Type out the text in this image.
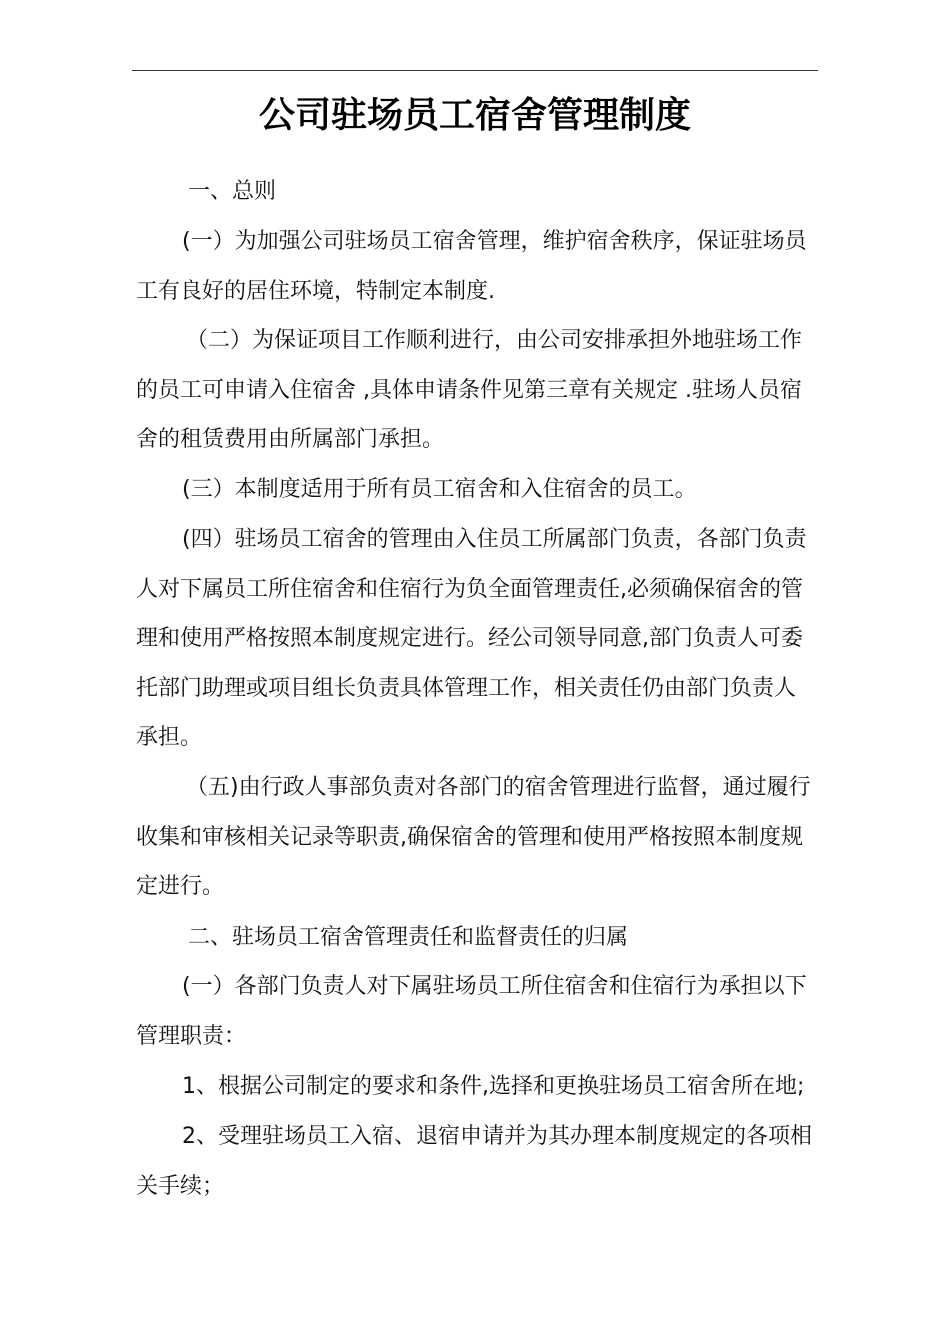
公司驻场员工宿舍管理制度
一、总则
(一）为加强公司驻场员工宿舍管理，维护宿舍秩序，保证驻场员
工有良好的居住环境，特制定本制度.
（二）为保证项目工作顺利进行，由公司安排承担外地驻场工作
的员工可申请入住宿舍 ,具体申请条件见第三章有关规定 .驻场人员宿
舍的租赁费用由所属部门承担。
(三）本制度适用于所有员工宿舍和入住宿舍的员工。
(四）驻场员工宿舍的管理由入住员工所属部门负责，各部门负责
人对下属员工所住宿舍和住宿行为负全面管理责任,必须确保宿舍的管
理和使用严格按照本制度规定进行。经公司领导同意,部门负责人可委
托部门助理或项目组长负责具体管理工作，相关责任仍由部门负责人
承担。
（五)由行政人事部负责对各部门的宿舍管理进行监督，通过履行
收集和审核相关记录等职责,确保宿舍的管理和使用严格按照本制度规
定进行。
二、驻场员工宿舍管理责任和监督责任的归属
(一）各部门负责人对下属驻场员工所住宿舍和住宿行为承担以下
管理职责：
1、根据公司制定的要求和条件,选择和更换驻场员工宿舍所在地;
2、受理驻场员工入宿、退宿申请并为其办理本制度规定的各项相
关手续；
